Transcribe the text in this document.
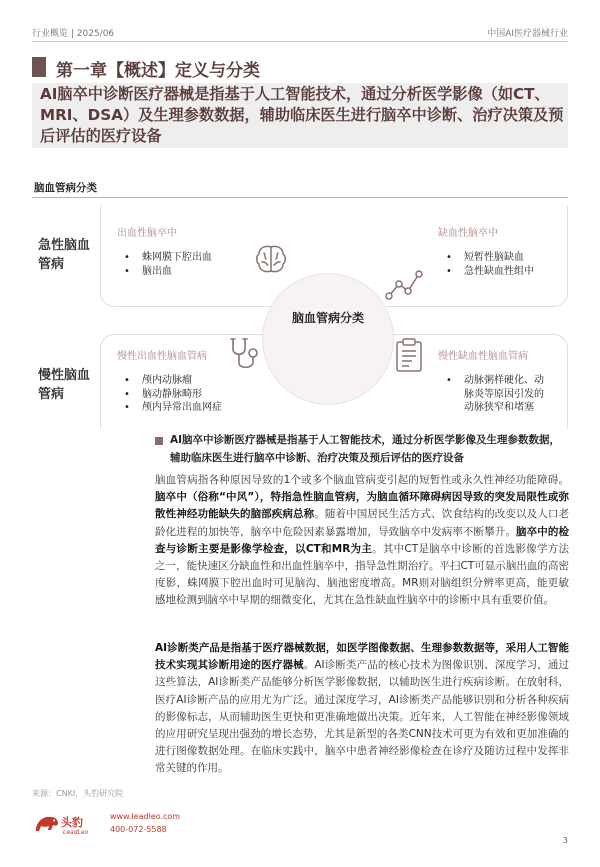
行业概览 | 2025/06	中国AI医疗器械行业
第一章【概述】定义与分类

AI脑卒中诊断医疗器械是指基于人工智能技术，通过分析医学影像（如CT、MRI、DSA）及生理参数数据，辅助临床医生进行脑卒中诊断、治疗决策及预后评估的医疗设备

脑血管病分类
急性脑血管病
慢性脑血管病
脑血管病分类
出血性脑卒中
• 蛛网膜下腔出血
• 脑出血
缺血性脑卒中
• 短暂性脑缺血
• 急性缺血性组中
慢性出血性脑血管病
• 颅内动脉瘤
• 脑动静脉畸形
• 颅内异常出血网症
慢性缺血性脑血管病
• 动脉粥样硬化、动脉炎等原因引发的动脉狭窄和堵塞
AI脑卒中诊断医疗器械是指基于人工智能技术，通过分析医学影像及生理参数数据，辅助临床医生进行脑卒中诊断、治疗决策及预后评估的医疗设备
脑血管病指各种原因导致的1个或多个脑血管病变引起的短暂性或永久性神经功能障碍。脑卒中（俗称“中风”），特指急性脑血管病，为脑血循环障碍病因导致的突发局限性或弥散性神经功能缺失的脑部疾病总称。随着中国居民生活方式、饮食结构的改变以及人口老龄化进程的加快等，脑卒中危险因素暴露增加，导致脑卒中发病率不断攀升。脑卒中的检查与诊断主要是影像学检查，以CT和MR为主。其中CT是脑卒中诊断的首选影像学方法之一，能快速区分缺血性和出血性脑卒中，指导急性期治疗。平扫CT可显示脑出血的高密度影，蛛网膜下腔出血时可见脑沟、脑池密度增高。MR则对脑组织分辨率更高，能更敏感地检测到脑卒中早期的细微变化，尤其在急性缺血性脑卒中的诊断中具有重要价值。
AI诊断类产品是指基于医疗器械数据，如医学图像数据、生理参数数据等，采用人工智能技术实现其诊断用途的医疗器械。AI诊断类产品的核心技术为图像识别、深度学习，通过这些算法，AI诊断类产品能够分析医学影像数据，以辅助医生进行疾病诊断。在放射科，医疗AI诊断产品的应用尤为广泛。通过深度学习，AI诊断类产品能够识别和分析各种疾病的影像标志，从而辅助医生更快和更准确地做出决策。近年来，人工智能在神经影像领域的应用研究呈现出强劲的增长态势，尤其是新型的各类CNN技术可更为有效和更加准确的进行图像数据处理。在临床实践中，脑卒中患者神经影像检查在诊疗及随访过程中发挥非常关键的作用。
来源：CNKI，头豹研究院
头豹
LeadLeo
www.leadleo.com
400-072-5588
3
